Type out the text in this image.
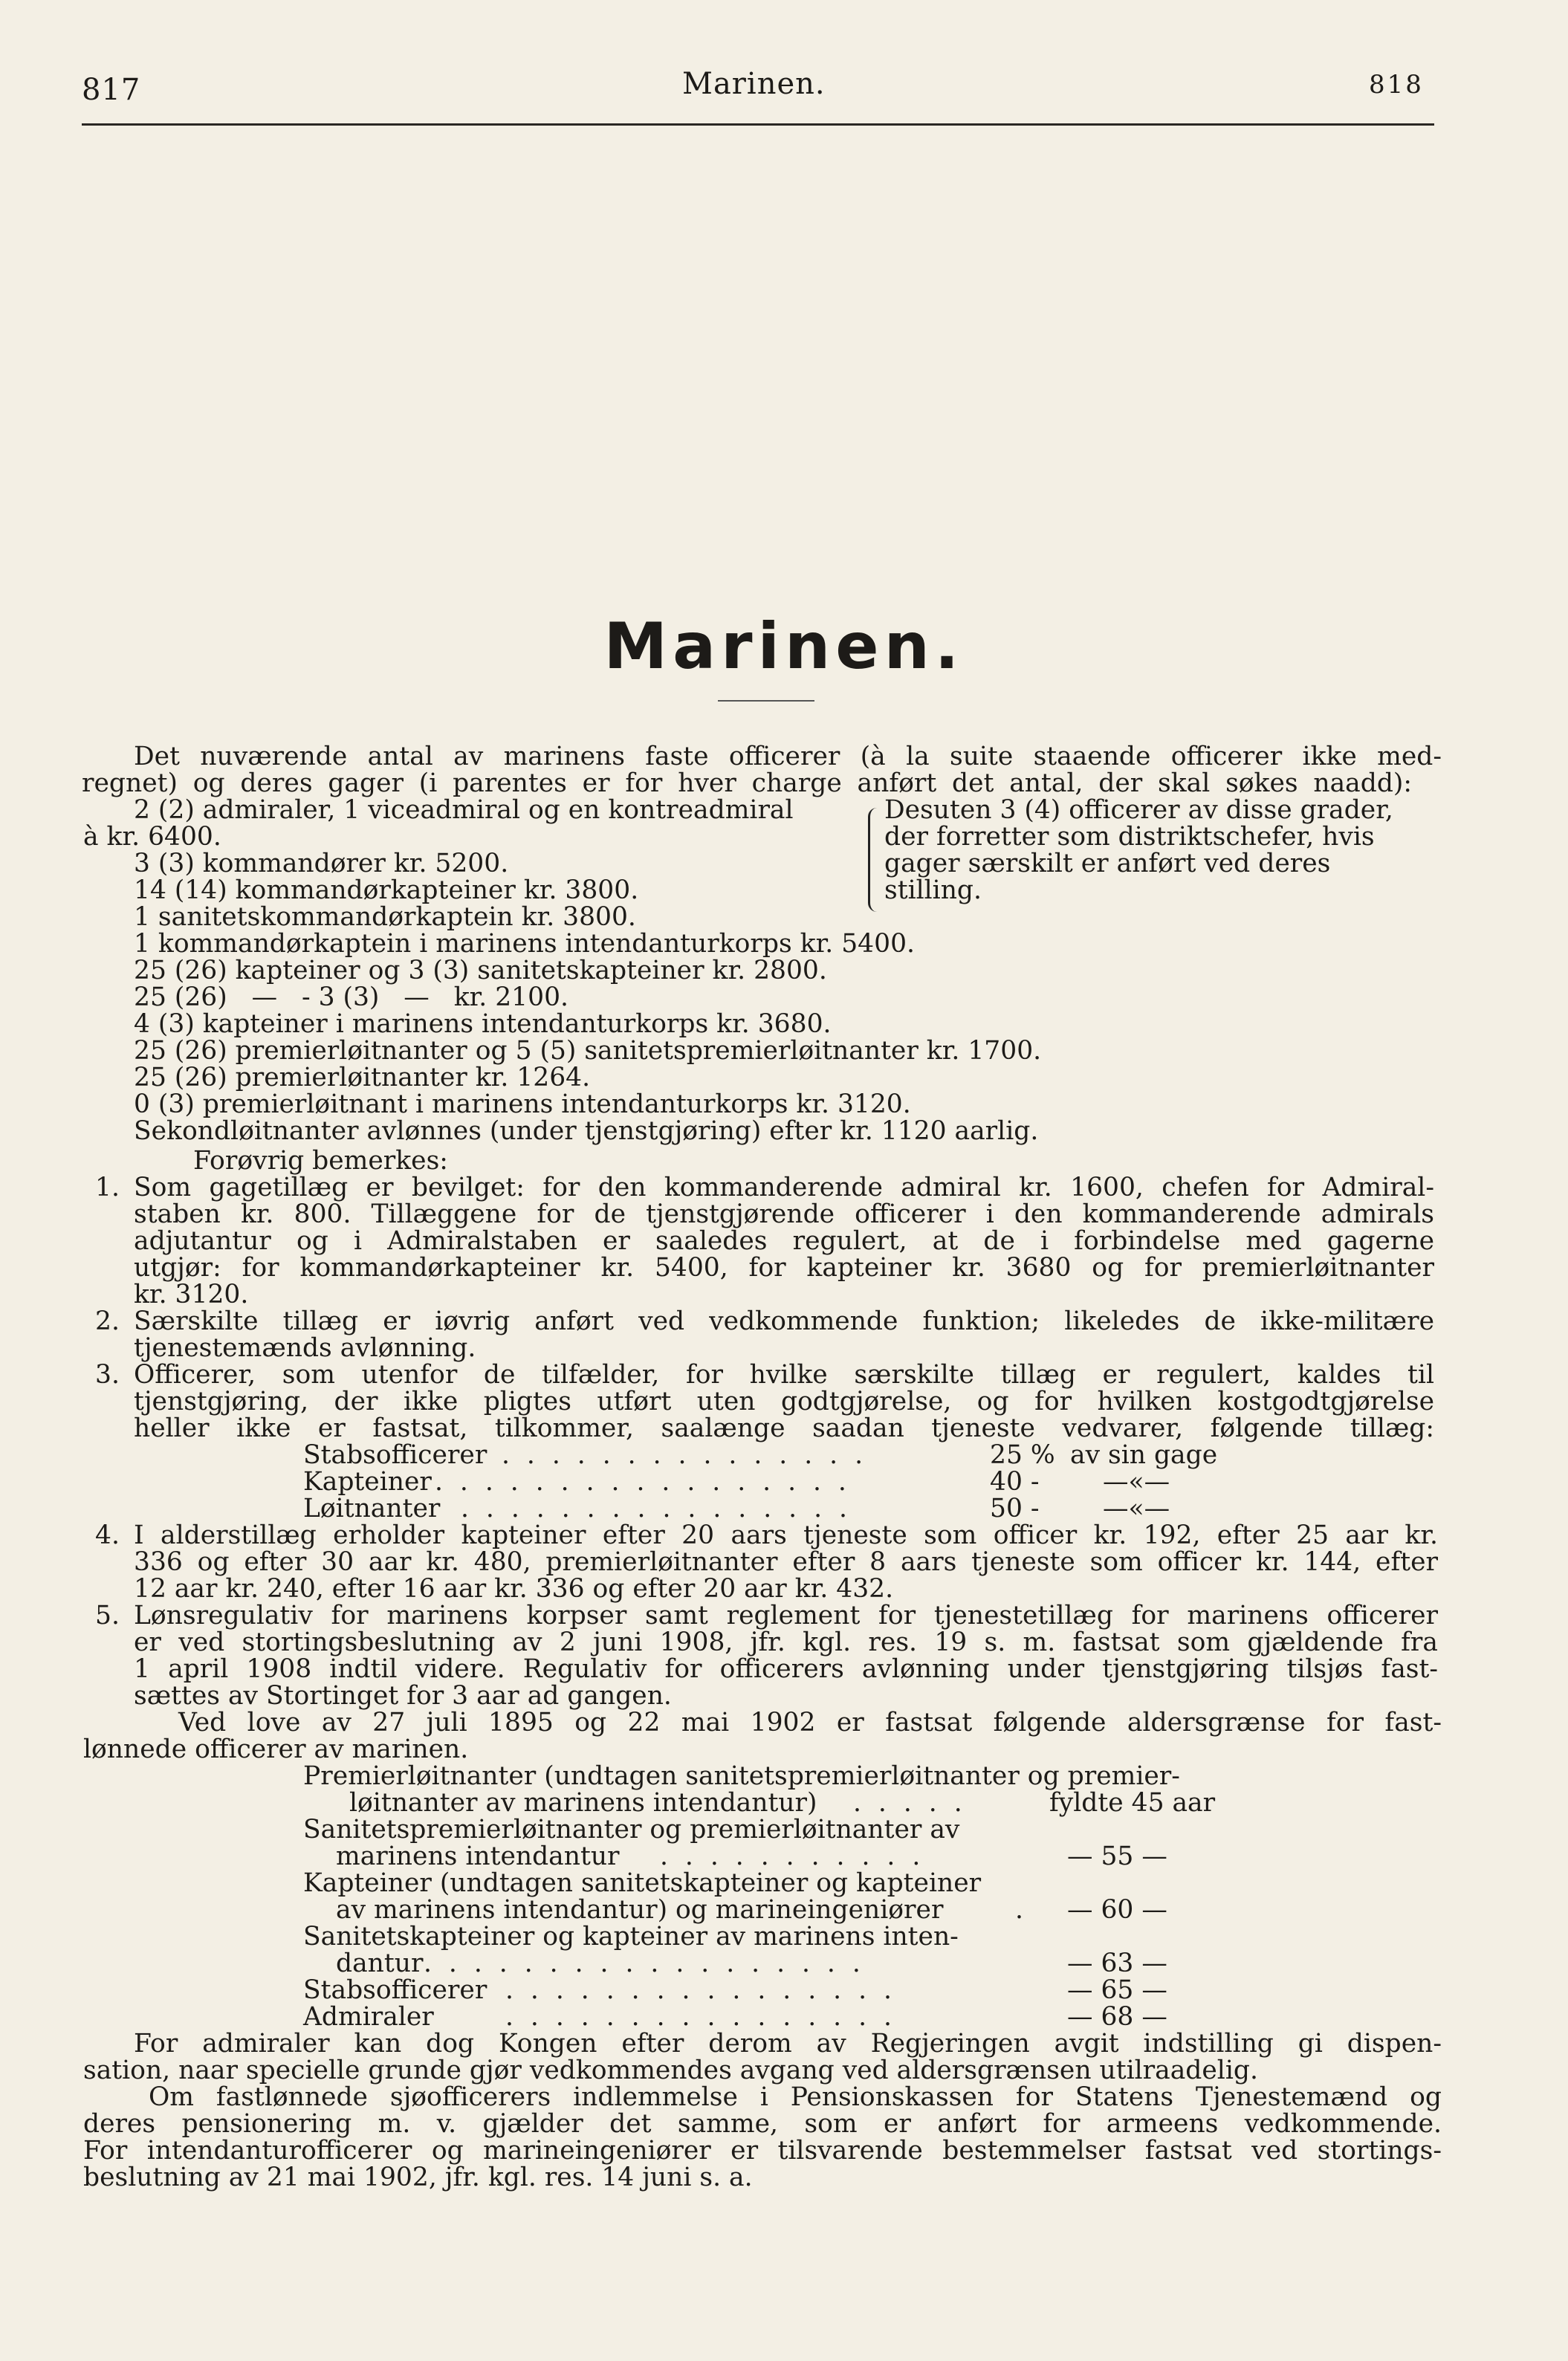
817	Marinen.	818
Marinen.
Det nuværende antal av marinens faste officerer (à la suite staaende officerer ikke med-
regnet) og deres gager (i parentes er for hver charge anført det antal, der skal søkes naadd):
2 (2) admiraler, 1 viceadmiral og en kontreadmiral
à kr. 6400.
3 (3) kommandører kr. 5200.
14 (14) kommandørkapteiner kr. 3800.
1 sanitetskommandørkaptein kr. 3800.
1 kommandørkaptein i marinens intendanturkorps kr. 5400.
25 (26) kapteiner og 3 (3) sanitetskapteiner kr. 2800.
25 (26)   —   - 3 (3)   —   kr. 2100.
4 (3) kapteiner i marinens intendanturkorps kr. 3680.
25 (26) premierløitnanter og 5 (5) sanitetspremierløitnanter kr. 1700.
25 (26) premierløitnanter kr. 1264.
0 (3) premierløitnant i marinens intendanturkorps kr. 3120.
Sekondløitnanter avlønnes (under tjenstgjøring) efter kr. 1120 aarlig.
Desuten 3 (4) officerer av disse grader,
der forretter som distriktschefer, hvis
gager særskilt er anført ved deres
stilling.
Forøvrig bemerkes:
1. Som gagetillæg er bevilget: for den kommanderende admiral kr. 1600, chefen for Admiral-
staben kr. 800. Tillæggene for de tjenstgjørende officerer i den kommanderende admirals
adjutantur og i Admiralstaben er saaledes regulert, at de i forbindelse med gagerne
utgjør: for kommandørkapteiner kr. 5400, for kapteiner kr. 3680 og for premierløitnanter
kr. 3120.
2. Særskilte tillæg er iøvrig anført ved vedkommende funktion; likeledes de ikke-militære
tjenestemænds avlønning.
3. Officerer, som utenfor de tilfælder, for hvilke særskilte tillæg er regulert, kaldes til
tjenstgjøring, der ikke pligtes utført uten godtgjørelse, og for hvilken kostgodtgjørelse
heller ikke er fastsat, tilkommer, saalænge saadan tjeneste vedvarer, følgende tillæg:
Stabsofficerer . . . . . . . . . . . . . . .	25 % av sin gage
Kapteiner . . . . . . . . . . . . . . . . .	40 - —«—
Løitnanter . . . . . . . . . . . . . . . .	50 - —«—
4. I alderstillæg erholder kapteiner efter 20 aars tjeneste som officer kr. 192, efter 25 aar kr.
336 og efter 30 aar kr. 480, premierløitnanter efter 8 aars tjeneste som officer kr. 144, efter
12 aar kr. 240, efter 16 aar kr. 336 og efter 20 aar kr. 432.
5. Lønsregulativ for marinens korpser samt reglement for tjenestetillæg for marinens officerer
er ved stortingsbeslutning av 2 juni 1908, jfr. kgl. res. 19 s. m. fastsat som gjældende fra
1 april 1908 indtil videre. Regulativ for officerers avlønning under tjenstgjøring tilsjøs fast-
sættes av Stortinget for 3 aar ad gangen.
Ved love av 27 juli 1895 og 22 mai 1902 er fastsat følgende aldersgrænse for fast-
lønnede officerer av marinen.
Premierløitnanter (undtagen sanitetspremierløitnanter og premier-
løitnanter av marinens intendantur) . . . . .	fyldte 45 aar
Sanitetspremierløitnanter og premierløitnanter av
marinens intendantur . . . . . . . . . . .	— 55 —
Kapteiner (undtagen sanitetskapteiner og kapteiner
av marinens intendantur) og marineingeniører	. — 60 —
Sanitetskapteiner og kapteiner av marinens inten-
dantur . . . . . . . . . . . . . . . . . .	— 63 —
Stabsofficerer . . . . . . . . . . . . . . . .	— 65 —
Admiraler	. . . . . . . . . . . . . . . .	— 68 —
For admiraler kan dog Kongen efter derom av Regjeringen avgit indstilling gi dispen-
sation, naar specielle grunde gjør vedkommendes avgang ved aldersgrænsen utilraadelig.
Om fastlønnede sjøofficerers indlemmelse i Pensionskassen for Statens Tjenestemænd og
deres pensionering m. v. gjælder det samme, som er anført for armeens vedkommende.
For intendanturofficerer og marineingeniører er tilsvarende bestemmelser fastsat ved stortings-
beslutning av 21 mai 1902, jfr. kgl. res. 14 juni s. a.
